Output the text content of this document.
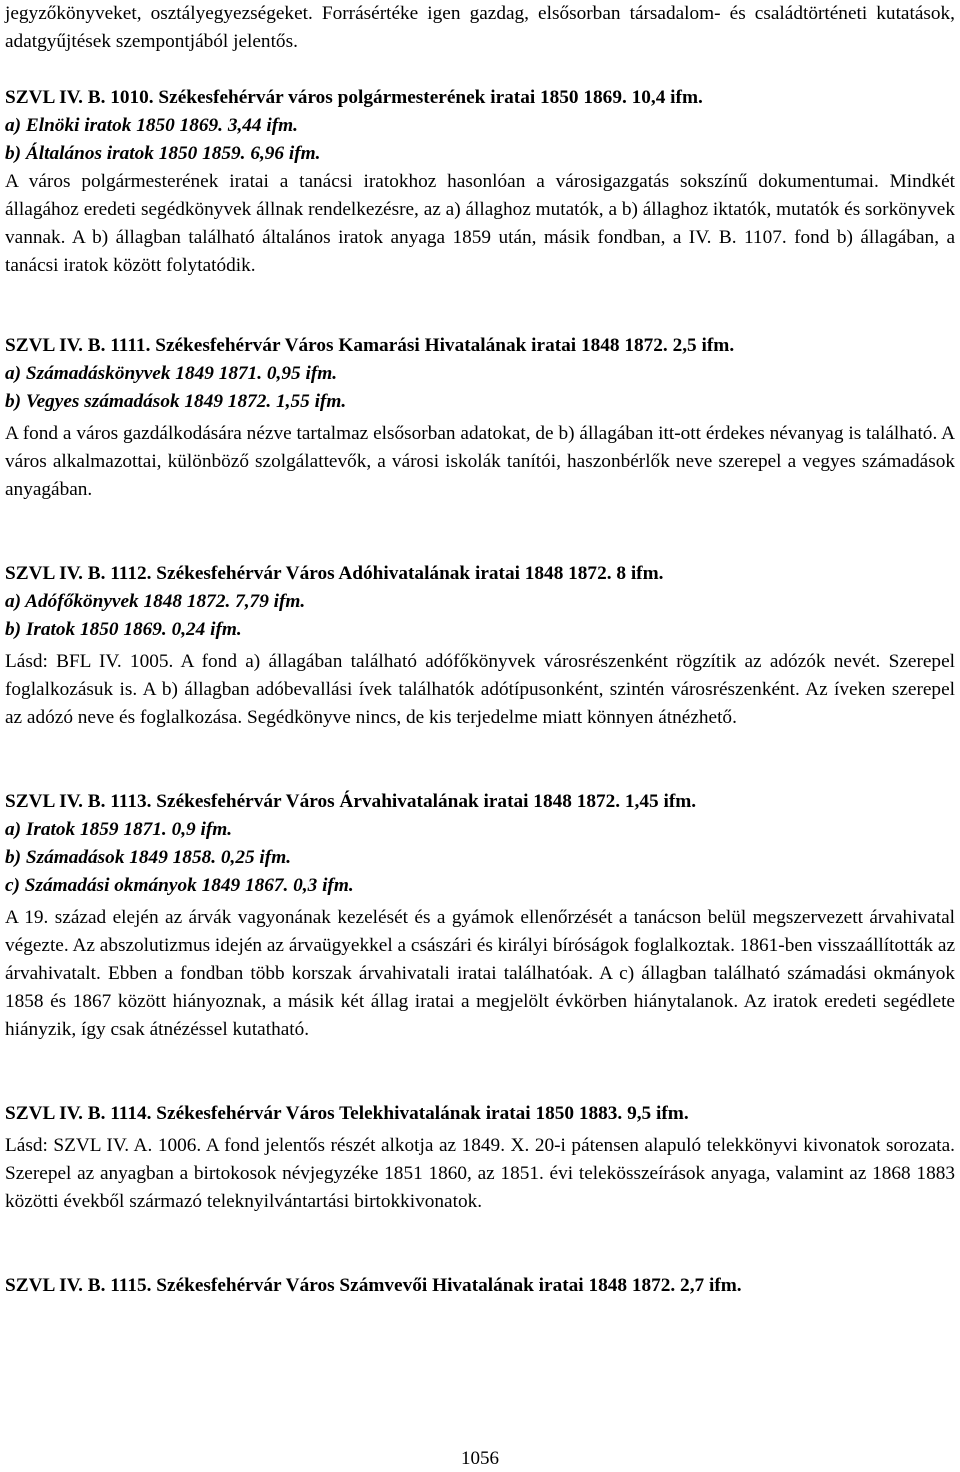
jegyzőkönyveket, osztályegyezségeket. Forrásértéke igen gazdag, elsősorban társadalom- és családtörténeti kutatások, adatgyűjtések szempontjából jelentős.

SZVL IV. B. 1010. Székesfehérvár város polgármesterének iratai 1850 1869. 10,4 ifm.

a) Elnöki iratok 1850 1869. 3,44 ifm.

b) Általános iratok 1850 1859. 6,96 ifm.

A város polgármesterének iratai a tanácsi iratokhoz hasonlóan a városigazgatás sokszínű dokumentumai. Mindkét állagához eredeti segédkönyvek állnak rendelkezésre, az a) állaghoz mutatók, a b) állaghoz iktatók, mutatók és sorkönyvek vannak. A b) állagban található általános iratok anyaga 1859 után, másik fondban, a IV. B. 1107. fond b) állagában, a tanácsi iratok között folytatódik.

SZVL IV. B. 1111. Székesfehérvár Város Kamarási Hivatalának iratai 1848 1872. 2,5 ifm.

a) Számadáskönyvek 1849 1871. 0,95 ifm.

b) Vegyes számadások 1849 1872. 1,55 ifm.

A fond a város gazdálkodására nézve tartalmaz elsősorban adatokat, de b) állagában itt-ott érdekes névanyag is található. A város alkalmazottai, különböző szolgálattevők, a városi iskolák tanítói, haszonbérlők neve szerepel a vegyes számadások anyagában.

SZVL IV. B. 1112. Székesfehérvár Város Adóhivatalának iratai 1848 1872. 8 ifm.

a) Adófőkönyvek 1848 1872. 7,79 ifm.

b) Iratok 1850 1869. 0,24 ifm.

Lásd: BFL IV. 1005. A fond a) állagában található adófőkönyvek városrészenként rögzítik az adózók nevét. Szerepel foglalkozásuk is. A b) állagban adóbevallási ívek találhatók adótípusonként, szintén városrészenként. Az íveken szerepel az adózó neve és foglalkozása. Segédkönyve nincs, de kis terjedelme miatt könnyen átnézhető.

SZVL IV. B. 1113. Székesfehérvár Város Árvahivatalának iratai 1848 1872. 1,45 ifm.

a) Iratok 1859 1871. 0,9 ifm.

b) Számadások 1849 1858. 0,25 ifm.

c) Számadási okmányok 1849 1867. 0,3 ifm.

A 19. század elején az árvák vagyonának kezelését és a gyámok ellenőrzését a tanácson belül megszervezett árvahivatal végezte. Az abszolutizmus idején az árvaügyekkel a császári és királyi bíróságok foglalkoztak. 1861-ben visszaállították az árvahivatalt. Ebben a fondban több korszak árvahivatali iratai találhatóak. A c) állagban található számadási okmányok 1858 és 1867 között hiányoznak, a másik két állag iratai a megjelölt évkörben hiánytalanok. Az iratok eredeti segédlete hiányzik, így csak átnézéssel kutatható.

SZVL IV. B. 1114. Székesfehérvár Város Telekhivatalának iratai 1850 1883. 9,5 ifm.

Lásd: SZVL IV. A. 1006. A fond jelentős részét alkotja az 1849. X. 20-i pátensen alapuló telekkönyvi kivonatok sorozata. Szerepel az anyagban a birtokosok névjegyzéke 1851 1860, az 1851. évi telekösszeírások anyaga, valamint az 1868 1883 közötti évekből származó teleknyilvántartási birtokkivonatok.

SZVL IV. B. 1115. Székesfehérvár Város Számvevői Hivatalának iratai 1848 1872. 2,7 ifm.

1056
